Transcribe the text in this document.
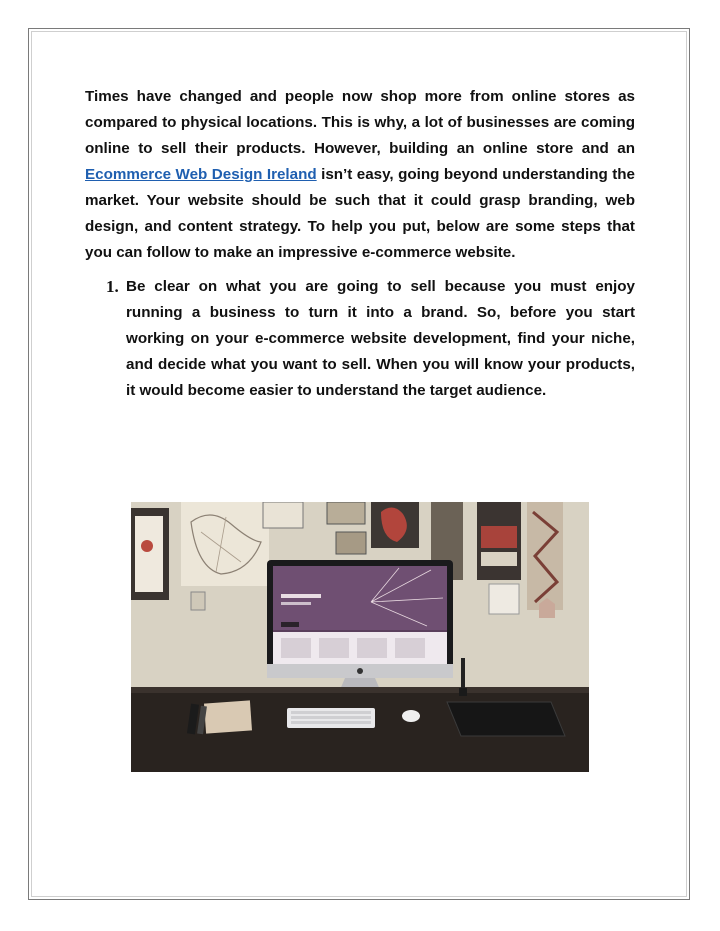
Times have changed and people now shop more from online stores as compared to physical locations. This is why, a lot of businesses are coming online to sell their products. However, building an online store and an Ecommerce Web Design Ireland isn’t easy, going beyond understanding the market. Your website should be such that it could grasp branding, web design, and content strategy. To help you put, below are some steps that you can follow to make an impressive e-commerce website.

1. Be clear on what you are going to sell because you must enjoy running a business to turn it into a brand. So, before you start working on your e-commerce website development, find your niche, and decide what you want to sell. When you will know your products, it would become easier to understand the target audience.
